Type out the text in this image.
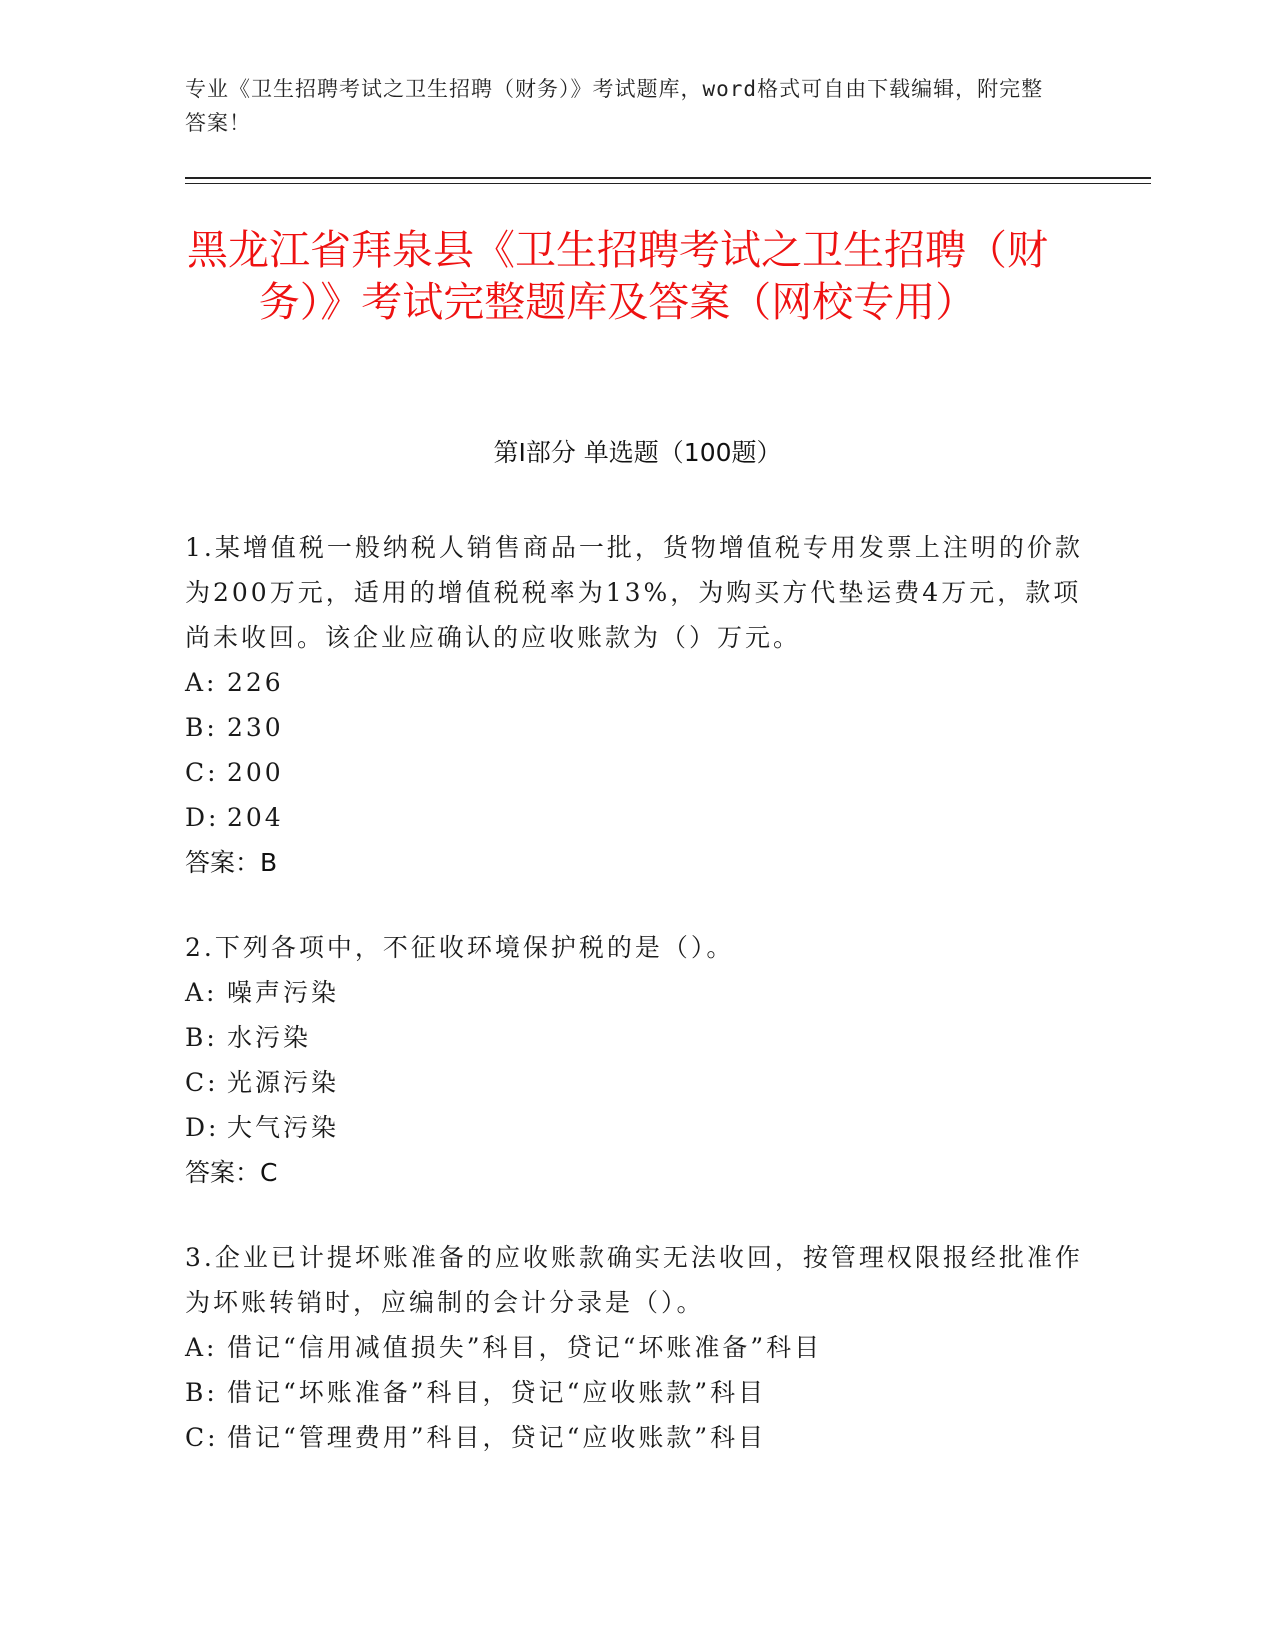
专业《卫生招聘考试之卫生招聘（财务）》考试题库，word格式可自由下载编辑，附完整答案！
黑龙江省拜泉县《卫生招聘考试之卫生招聘（财务）》考试完整题库及答案（网校专用）
第Ⅰ部分 单选题（100题）
1.某增值税一般纳税人销售商品一批，货物增值税专用发票上注明的价款为200万元，适用的增值税税率为13%，为购买方代垫运费4万元，款项尚未收回。该企业应确认的应收账款为（）万元。
A: 226
B: 230
C: 200
D: 204
答案：B
2.下列各项中，不征收环境保护税的是（）。
A: 噪声污染
B: 水污染
C: 光源污染
D: 大气污染
答案：C
3.企业已计提坏账准备的应收账款确实无法收回，按管理权限报经批准作为坏账转销时，应编制的会计分录是（）。
A: 借记“信用减值损失”科目，贷记“坏账准备”科目
B: 借记“坏账准备”科目，贷记“应收账款”科目
C: 借记“管理费用”科目，贷记“应收账款”科目
